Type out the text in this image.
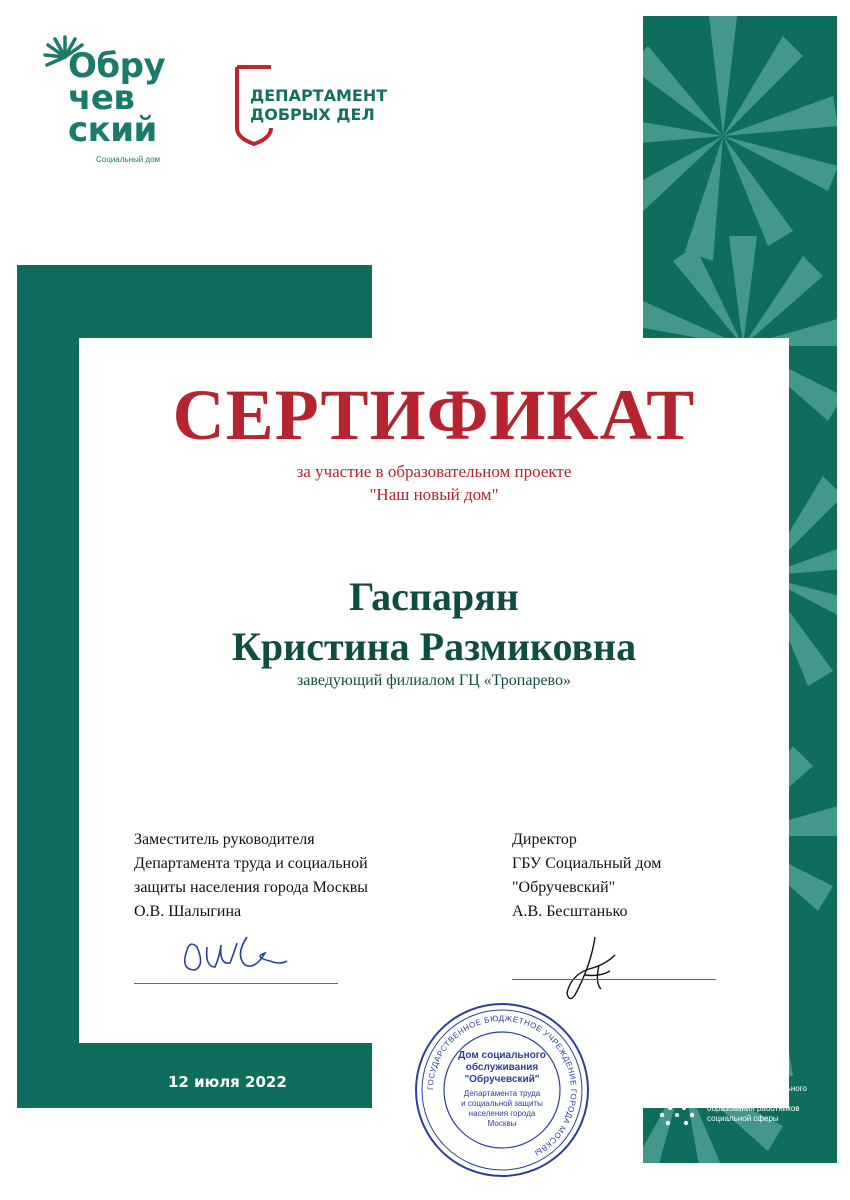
Обру
чев
ский
Социальный дом
ДЕПАРТАМЕНТ
ДОБРЫХ ДЕЛ
СЕРТИФИКАТ
за участие в образовательном проекте
"Наш новый дом"
Гаспарян
Кристина Размиковна
заведующий филиалом ГЦ «Тропарево»
Заместитель руководителя
Департамента труда и социальной
защиты населения города Москвы
О.В. Шалыгина
Директор
ГБУ Социальный дом
"Обручевский"
А.В. Бесштанько
12 июля 2022	Институт дополнительного
профессионального
образования работников
социальной сферы
ГОСУДАРСТВЕННОЕ БЮДЖЕТНОЕ УЧРЕЖДЕНИЕ ГОРОДА МОСКВЫ
Дом социального
обслуживания
"Обручевский"
Департамента труда
и социальной защиты
населения города
Москвы
